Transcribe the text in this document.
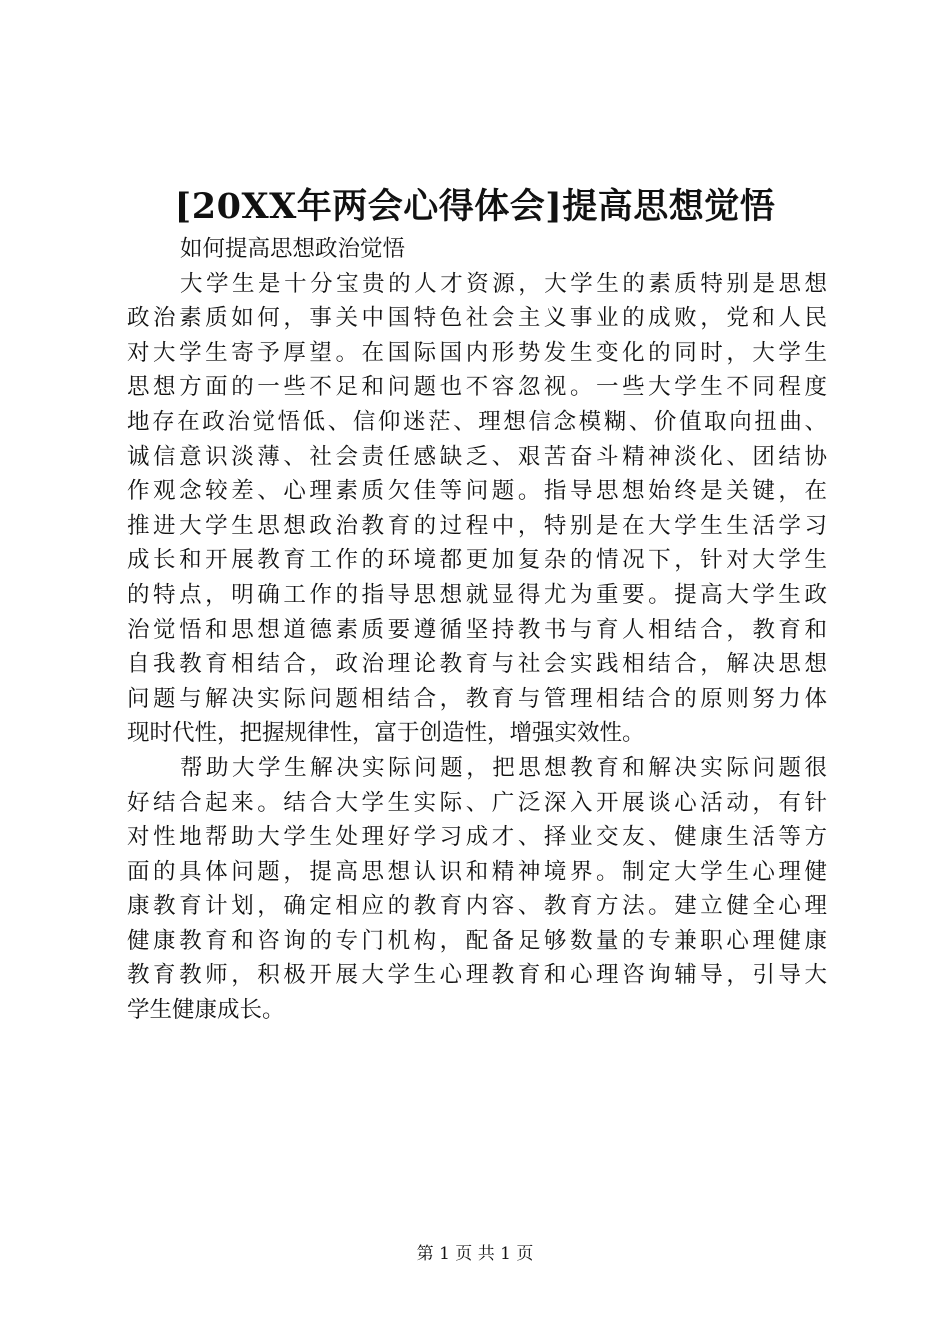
[20XX年两会心得体会]提高思想觉悟
如何提高思想政治觉悟
大学生是十分宝贵的人才资源，大学生的素质特别是思想
政治素质如何，事关中国特色社会主义事业的成败，党和人民
对大学生寄予厚望。在国际国内形势发生变化的同时，大学生
思想方面的一些不足和问题也不容忽视。一些大学生不同程度
地存在政治觉悟低、信仰迷茫、理想信念模糊、价值取向扭曲、
诚信意识淡薄、社会责任感缺乏、艰苦奋斗精神淡化、团结协
作观念较差、心理素质欠佳等问题。指导思想始终是关键，在
推进大学生思想政治教育的过程中，特别是在大学生生活学习
成长和开展教育工作的环境都更加复杂的情况下，针对大学生
的特点，明确工作的指导思想就显得尤为重要。提高大学生政
治觉悟和思想道德素质要遵循坚持教书与育人相结合，教育和
自我教育相结合，政治理论教育与社会实践相结合，解决思想
问题与解决实际问题相结合，教育与管理相结合的原则努力体
现时代性，把握规律性，富于创造性，增强实效性。
帮助大学生解决实际问题，把思想教育和解决实际问题很
好结合起来。结合大学生实际、广泛深入开展谈心活动，有针
对性地帮助大学生处理好学习成才、择业交友、健康生活等方
面的具体问题，提高思想认识和精神境界。制定大学生心理健
康教育计划，确定相应的教育内容、教育方法。建立健全心理
健康教育和咨询的专门机构，配备足够数量的专兼职心理健康
教育教师，积极开展大学生心理教育和心理咨询辅导，引导大
学生健康成长。
第 1 页 共 1 页
